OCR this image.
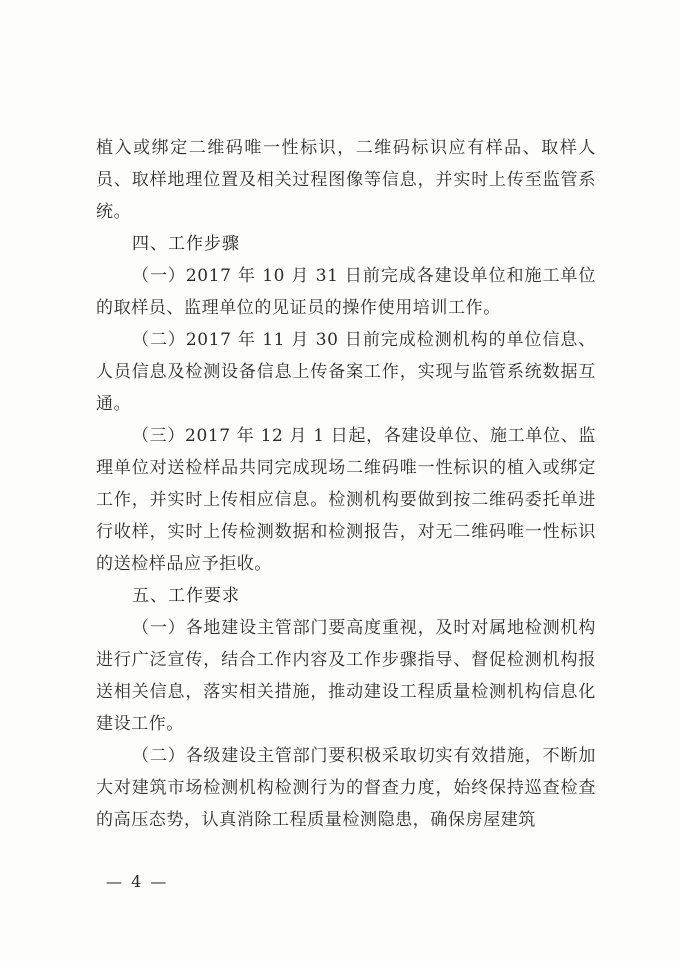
植入或绑定二维码唯一性标识，二维码标识应有样品、取样人员、取样地理位置及相关过程图像等信息，并实时上传至监管系统。

四、工作步骤

（一）2017 年 10 月 31 日前完成各建设单位和施工单位的取样员、监理单位的见证员的操作使用培训工作。

（二）2017 年 11 月 30 日前完成检测机构的单位信息、人员信息及检测设备信息上传备案工作，实现与监管系统数据互通。

（三）2017 年 12 月 1 日起，各建设单位、施工单位、监理单位对送检样品共同完成现场二维码唯一性标识的植入或绑定工作，并实时上传相应信息。检测机构要做到按二维码委托单进行收样，实时上传检测数据和检测报告，对无二维码唯一性标识的送检样品应予拒收。

五、工作要求

（一）各地建设主管部门要高度重视，及时对属地检测机构进行广泛宣传，结合工作内容及工作步骤指导、督促检测机构报送相关信息，落实相关措施，推动建设工程质量检测机构信息化建设工作。

（二）各级建设主管部门要积极采取切实有效措施，不断加大对建筑市场检测机构检测行为的督查力度，始终保持巡查检查的高压态势，认真消除工程质量检测隐患，确保房屋建筑

— 4 —
